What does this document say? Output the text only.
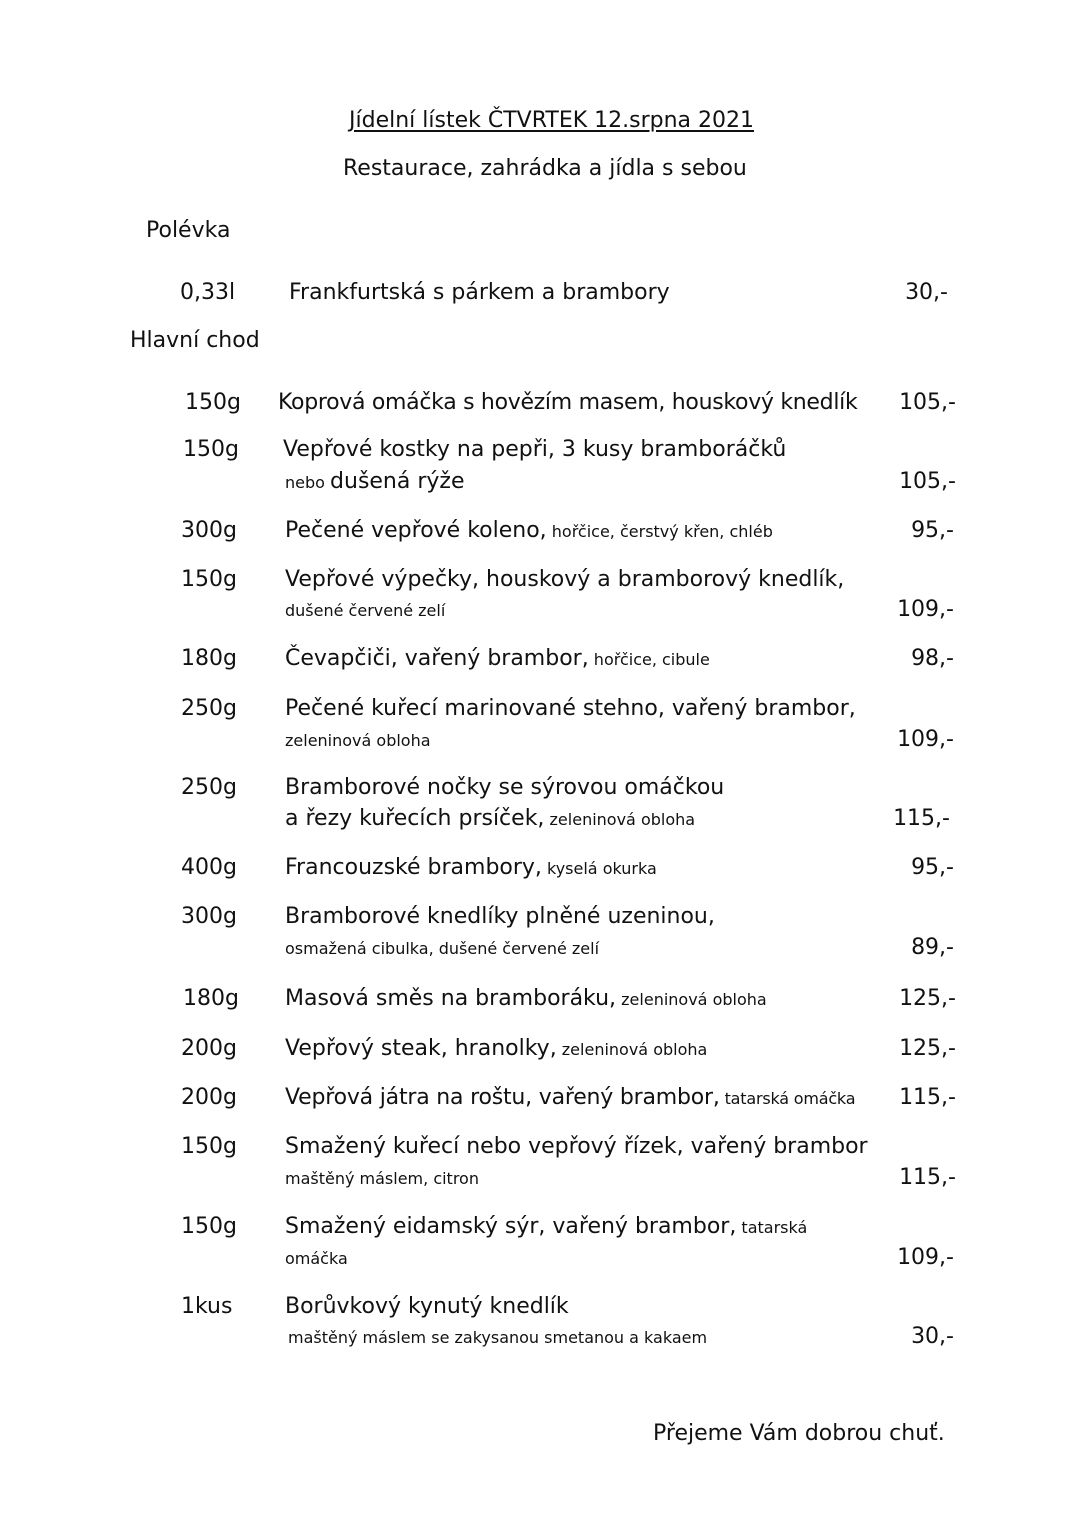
Jídelní lístek ČTVRTEK 12.srpna 2021
Restaurace, zahrádka a jídla s sebou
Polévka
0,33l Frankfurtská s párkem a brambory	30,-
Hlavní chod
150g Koprová omáčka s hovězím masem, houskový knedlík	105,-
150g Vepřové kostky na pepři, 3 kusy bramboráčků
nebo dušená rýže	105,-
300g Pečené vepřové koleno, hořčice, čerstvý křen, chléb	95,-
150g Vepřové výpečky, houskový a bramborový knedlík,
dušené červené zelí	109,-
180g Čevapčiči, vařený brambor, hořčice, cibule	98,-
250g Pečené kuřecí marinované stehno, vařený brambor,
zeleninová obloha	109,-
250g Bramborové nočky se sýrovou omáčkou
a řezy kuřecích prsíček, zeleninová obloha	115,-
400g Francouzské brambory, kyselá okurka	95,-
300g Bramborové knedlíky plněné uzeninou,
osmažená cibulka, dušené červené zelí	89,-
180g Masová směs na bramboráku, zeleninová obloha	125,-
200g Vepřový steak, hranolky, zeleninová obloha	125,-
200g Vepřová játra na roštu, vařený brambor, tatarská omáčka	115,-
150g Smažený kuřecí nebo vepřový řízek, vařený brambor
maštěný máslem, citron	115,-
150g Smažený eidamský sýr, vařený brambor, tatarská
omáčka	109,-
1kus Borůvkový kynutý knedlík
maštěný máslem se zakysanou smetanou a kakaem	30,-
Přejeme Vám dobrou chuť.
